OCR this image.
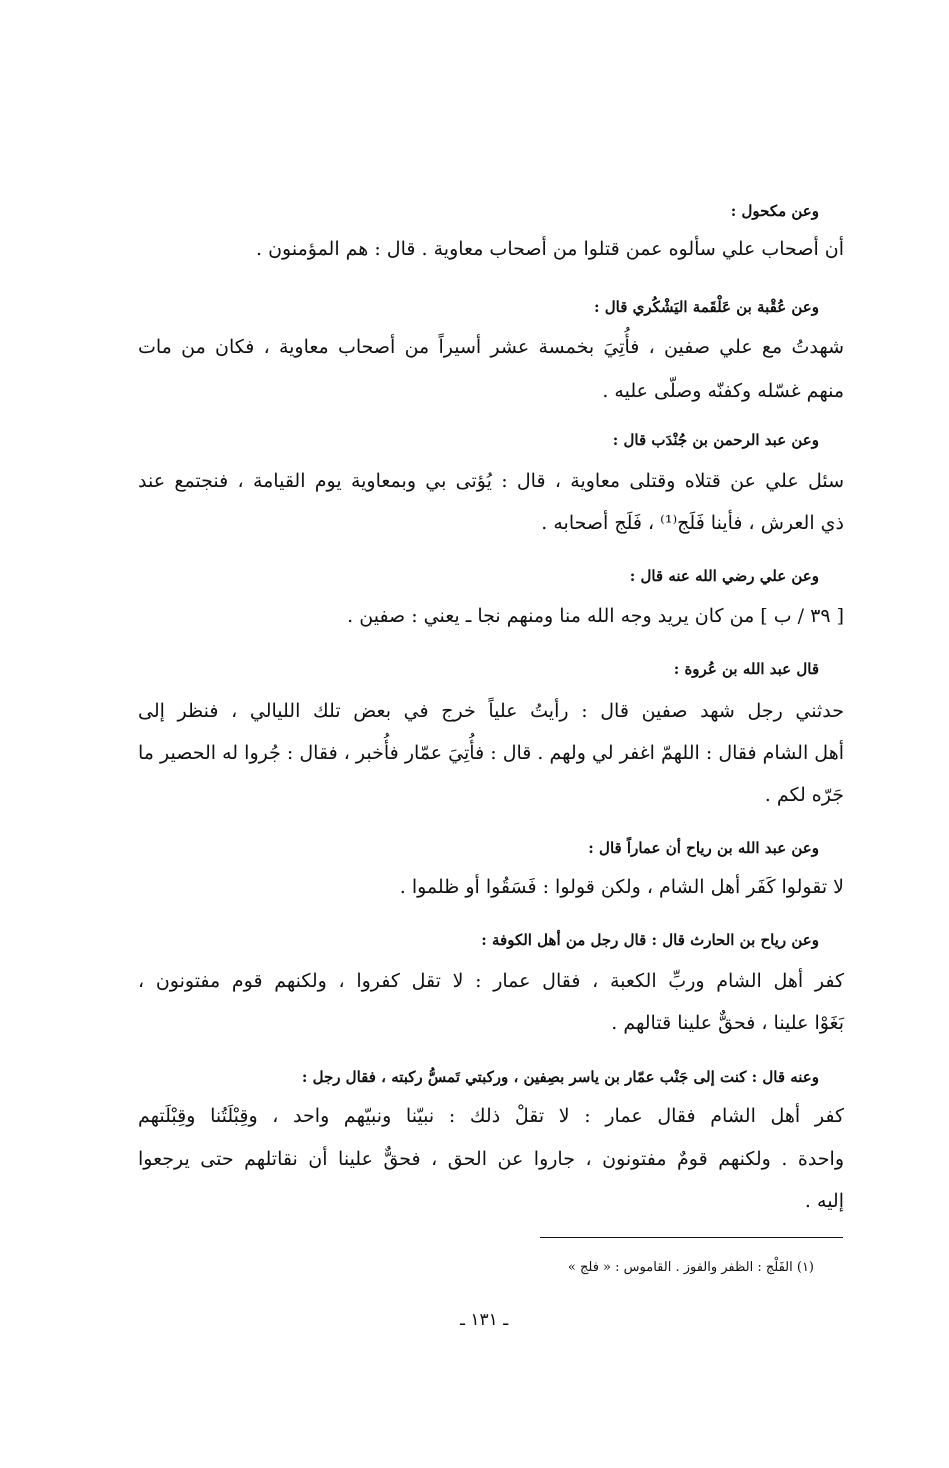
وعن مكحول :
أن أصحاب علي سألوه عمن قتلوا من أصحاب معاوية . قال : هم المؤمنون .
وعن عُقْبة بن عَلْقَمة اليَشْكُري قال :
شهدتُ مع علي صفين ، فأُتِيَ بخمسة عشر أسيراً من أصحاب معاوية ، فكان من مات
منهم غسّله وكفنّه وصلّى عليه .
وعن عبد الرحمن بن جُنْدَب قال :
سئل علي عن قتلاه وقتلى معاوية ، قال : يُؤتى بي وبمعاوية يوم القيامة ، فنجتمع عند
ذي العرش ، فأينا فَلَج⁽¹⁾ ، فَلَج أصحابه .
وعن علي رضي الله عنه قال :
[ ٣٩ / ب ] من كان يريد وجه الله منا ومنهم نجا ـ يعني : صفين .
قال عبد الله بن عُروة :
حدثني رجل شهد صفين قال : رأيتُ علياً خرج في بعض تلك الليالي ، فنظر إلى
أهل الشام فقال : اللهمّ اغفر لي ولهم . قال : فأُتِيَ عمّار فأُخبر ، فقال : جُروا له الحصير ما
جَرّه لكم .
وعن عبد الله بن رياح أن عماراً قال :
لا تقولوا كَفَر أهل الشام ، ولكن قولوا : فَسَقُوا أو ظلموا .
وعن رياح بن الحارث قال : قال رجل من أهل الكوفة :
كفر أهل الشام وربِّ الكعبة ، فقال عمار : لا تقل كفروا ، ولكنهم قوم مفتونون ،
بَغَوْا علينا ، فحقٌّ علينا قتالهم .
وعنه قال : كنت إلى جَنْب عمّار بن ياسر بصِفين ، وركبتي تَمسُّ ركبته ، فقال رجل :
كفر أهل الشام فقال عمار : لا تقلْ ذلك : نبيّنا ونبيّهم واحد ، وقِبْلَتُنا وقِبْلَتهم
واحدة . ولكنهم قومٌ مفتونون ، جاروا عن الحق ، فحقٌّ علينا أن نقاتلهم حتى يرجعوا
إليه .
(١) الفَلْج : الظفر والفوز . القاموس : « فلج »
ـ ١٣١ ـ
